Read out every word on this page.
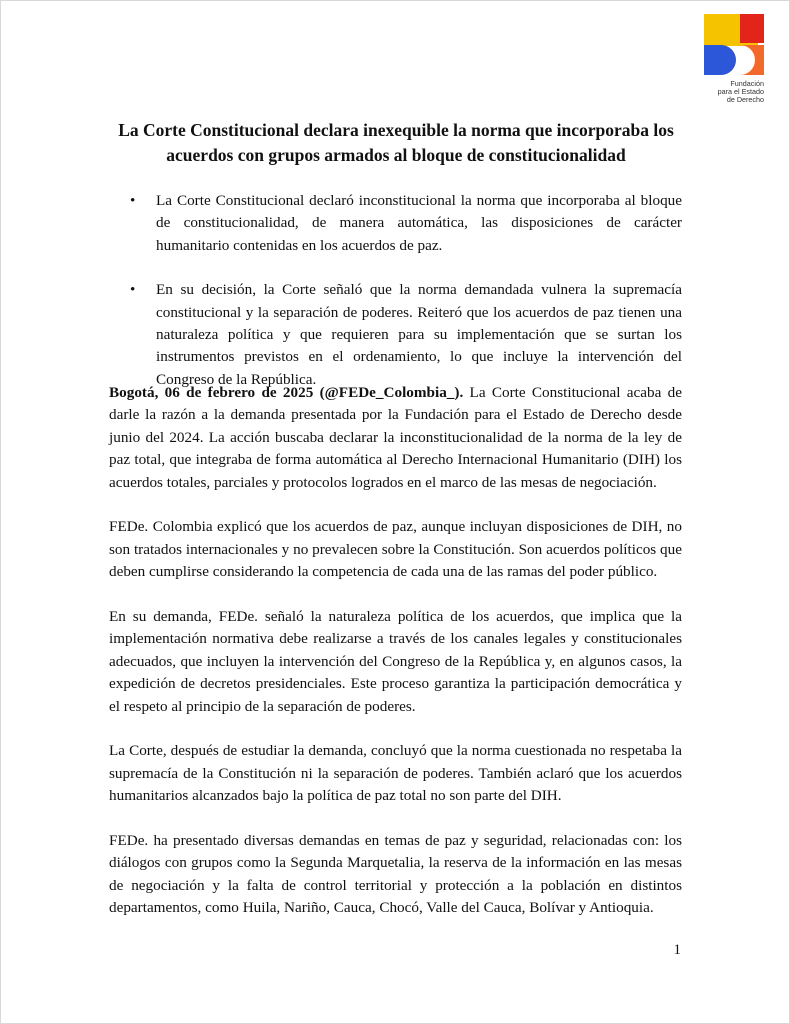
Fundación
para el Estado
de Derecho
La Corte Constitucional declara inexequible la norma que incorporaba los acuerdos con grupos armados al bloque de constitucionalidad
• La Corte Constitucional declaró inconstitucional la norma que incorporaba al bloque de constitucionalidad, de manera automática, las disposiciones de carácter humanitario contenidas en los acuerdos de paz.
• En su decisión, la Corte señaló que la norma demandada vulnera la supremacía constitucional y la separación de poderes. Reiteró que los acuerdos de paz tienen una naturaleza política y que requieren para su implementación que se surtan los instrumentos previstos en el ordenamiento, lo que incluye la intervención del Congreso de la República.

Bogotá, 06 de febrero de 2025 (@FEDe_Colombia_). La Corte Constitucional acaba de darle la razón a la demanda presentada por la Fundación para el Estado de Derecho desde junio del 2024. La acción buscaba declarar la inconstitucionalidad de la norma de la ley de paz total, que integraba de forma automática al Derecho Internacional Humanitario (DIH) los acuerdos totales, parciales y protocolos logrados en el marco de las mesas de negociación.

FEDe. Colombia explicó que los acuerdos de paz, aunque incluyan disposiciones de DIH, no son tratados internacionales y no prevalecen sobre la Constitución. Son acuerdos políticos que deben cumplirse considerando la competencia de cada una de las ramas del poder público.

En su demanda, FEDe. señaló la naturaleza política de los acuerdos, que implica que la implementación normativa debe realizarse a través de los canales legales y constitucionales adecuados, que incluyen la intervención del Congreso de la República y, en algunos casos, la expedición de decretos presidenciales. Este proceso garantiza la participación democrática y el respeto al principio de la separación de poderes.

La Corte, después de estudiar la demanda, concluyó que la norma cuestionada no respetaba la supremacía de la Constitución ni la separación de poderes. También aclaró que los acuerdos humanitarios alcanzados bajo la política de paz total no son parte del DIH.

FEDe. ha presentado diversas demandas en temas de paz y seguridad, relacionadas con: los diálogos con grupos como la Segunda Marquetalia, la reserva de la información en las mesas de negociación y la falta de control territorial y protección a la población en distintos departamentos, como Huila, Nariño, Cauca, Chocó, Valle del Cauca, Bolívar y Antioquia.

1
